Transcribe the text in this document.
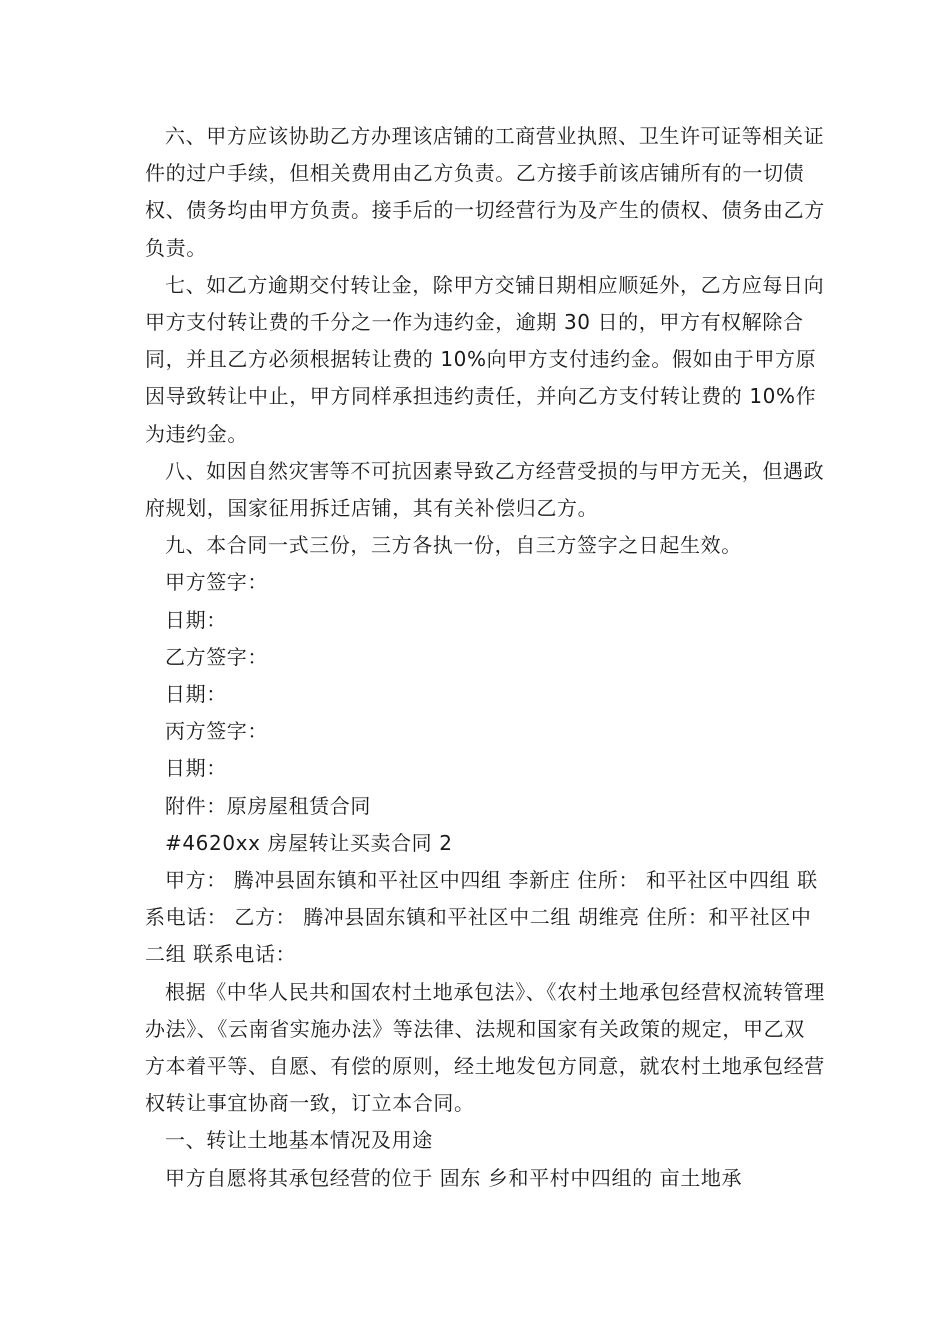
六、甲方应该协助乙方办理该店铺的工商营业执照、卫生许可证等相关证件的过户手续，但相关费用由乙方负责。乙方接手前该店铺所有的一切债权、债务均由甲方负责。接手后的一切经营行为及产生的债权、债务由乙方负责。

七、如乙方逾期交付转让金，除甲方交铺日期相应顺延外，乙方应每日向甲方支付转让费的千分之一作为违约金，逾期 30 日的，甲方有权解除合同，并且乙方必须根据转让费的 10%向甲方支付违约金。假如由于甲方原因导致转让中止，甲方同样承担违约责任，并向乙方支付转让费的 10%作为违约金。

八、如因自然灾害等不可抗因素导致乙方经营受损的与甲方无关，但遇政府规划，国家征用拆迁店铺，其有关补偿归乙方。

九、本合同一式三份，三方各执一份，自三方签字之日起生效。

甲方签字：

日期：

乙方签字：

日期：

丙方签字：

日期：

附件：原房屋租赁合同

#4620xx 房屋转让买卖合同 2

甲方： 腾冲县固东镇和平社区中四组 李新庄 住所： 和平社区中四组 联系电话： 乙方： 腾冲县固东镇和平社区中二组 胡维亮 住所：和平社区中二组 联系电话：

根据《中华人民共和国农村土地承包法》、《农村土地承包经营权流转管理办法》、《云南省实施办法》等法律、法规和国家有关政策的规定，甲乙双方本着平等、自愿、有偿的原则，经土地发包方同意，就农村土地承包经营权转让事宜协商一致，订立本合同。

一、转让土地基本情况及用途

甲方自愿将其承包经营的位于 固东 乡和平村中四组的 亩土地承
